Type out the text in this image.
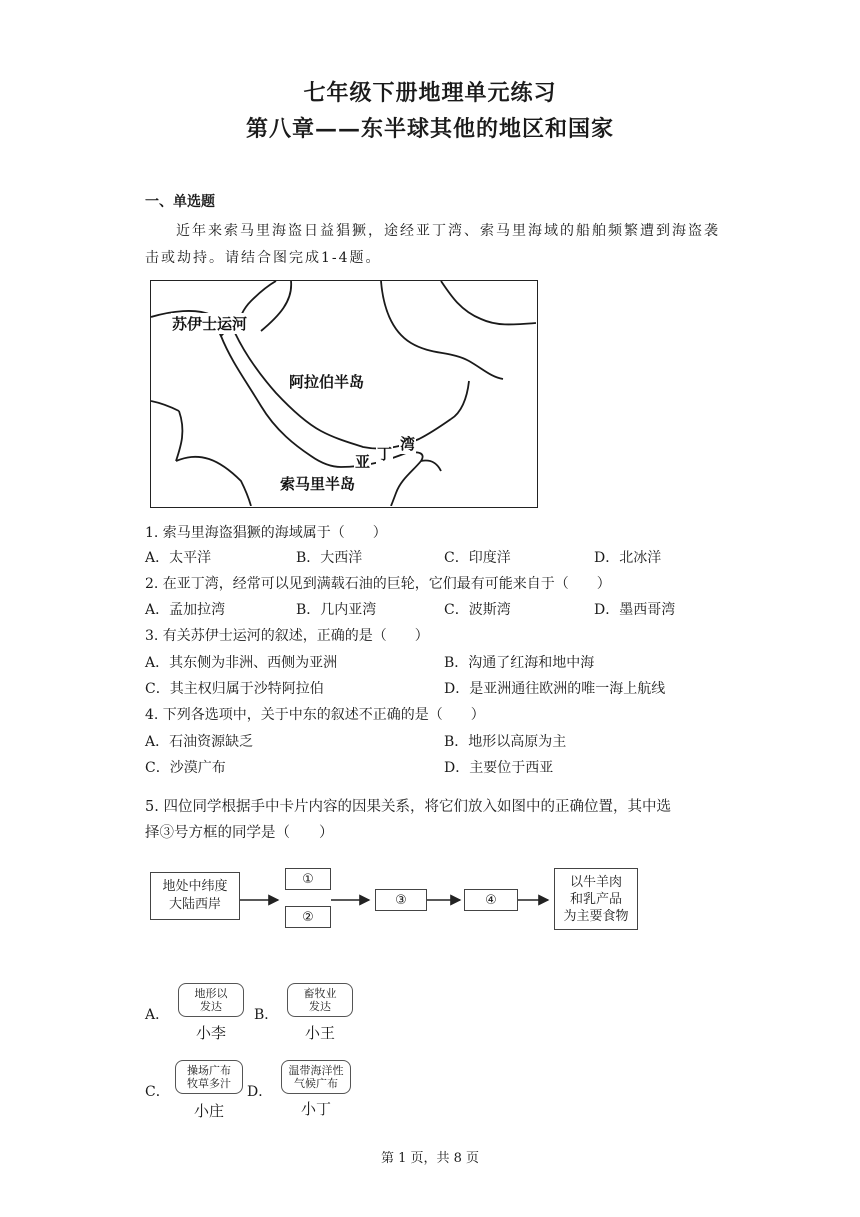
七年级下册地理单元练习
第八章——东半球其他的地区和国家
一、单选题
近年来索马里海盗日益猖獗，途经亚丁湾、索马里海域的船舶频繁遭到海盗袭
击或劫持。请结合图完成1-4题。
苏伊士运河
阿拉伯半岛
亚 丁
湾
索马里半岛
1. 索马里海盗猖獗的海域属于（　　）
A．太平洋	B．大西洋	C．印度洋	D．北冰洋
2. 在亚丁湾，经常可以见到满载石油的巨轮，它们最有可能来自于（　　）
A．孟加拉湾	B．几内亚湾	C．波斯湾	D．墨西哥湾
3. 有关苏伊士运河的叙述，正确的是（　　）
A．其东侧为非洲、西侧为亚洲	B．沟通了红海和地中海
C．其主权归属于沙特阿拉伯	D．是亚洲通往欧洲的唯一海上航线
4. 下列各选项中，关于中东的叙述不正确的是（　　）
A．石油资源缺乏	B．地形以高原为主
C．沙漠广布	D．主要位于西亚
5. 四位同学根据手中卡片内容的因果关系，将它们放入如图中的正确位置，其中选
择③号方框的同学是（　　）
地处中纬度
大陆西岸
①
②
③	④
以牛羊肉
和乳产品
为主要食物
A．
地形以
发达
小李
B．
畜牧业
发达
小王
C．
操场广布
牧草多汁
小庄
D．
温带海洋性
气候广布
小丁
第 1 页，共 8 页
